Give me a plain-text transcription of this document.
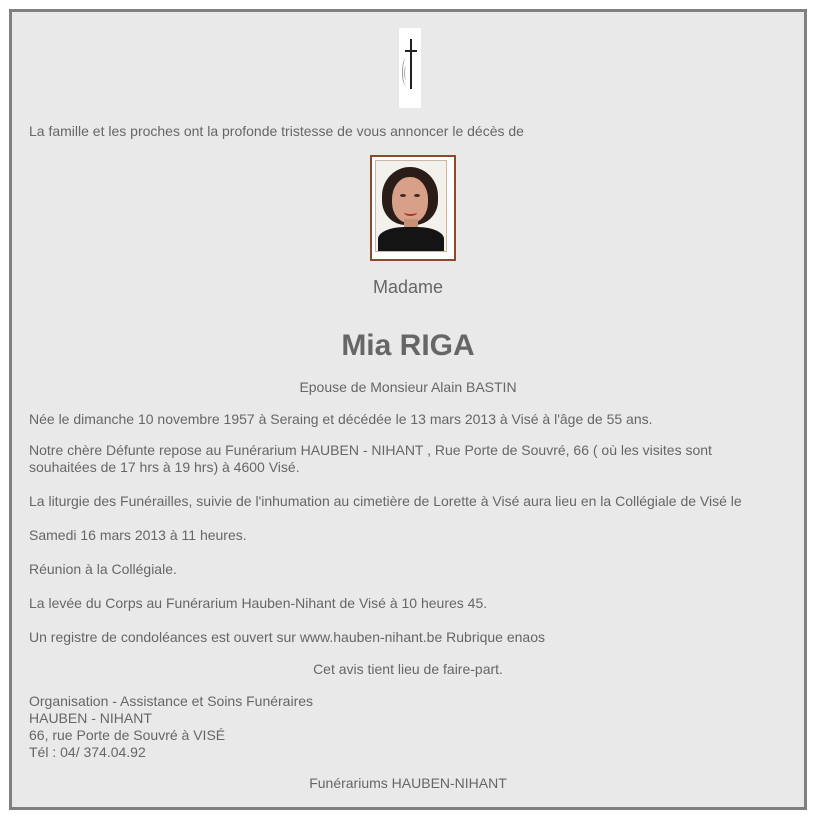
La famille et les proches ont la profonde tristesse de vous annoncer le décès de
Madame
Mia RIGA
Epouse de Monsieur Alain BASTIN
Née le dimanche 10 novembre 1957 à Seraing et décédée le 13 mars 2013 à Visé à l'âge de 55 ans.
Notre chère Défunte repose au Funérarium HAUBEN - NIHANT , Rue Porte de Souvré, 66 ( où les visites sont
souhaitées de 17 hrs à 19 hrs) à 4600 Visé.
La liturgie des Funérailles, suivie de l'inhumation au cimetière de Lorette à Visé aura lieu en la Collégiale de Visé le
Samedi 16 mars 2013 à 11 heures.
Réunion à la Collégiale.
La levée du Corps au Funérarium Hauben-Nihant de Visé à 10 heures 45.
Un registre de condoléances est ouvert sur www.hauben-nihant.be Rubrique enaos
Cet avis tient lieu de faire-part.
Organisation - Assistance et Soins Funéraires
HAUBEN - NIHANT
66, rue Porte de Souvré à VISÉ
Tél : 04/ 374.04.92
Funérariums HAUBEN-NIHANT
